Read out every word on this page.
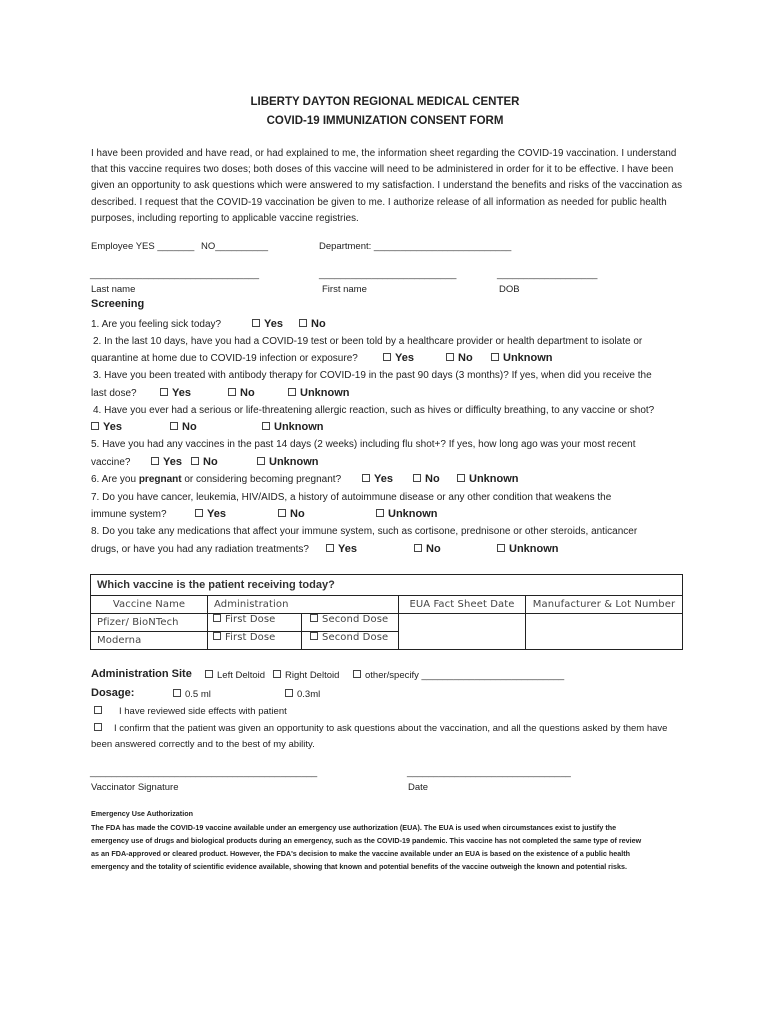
LIBERTY DAYTON REGIONAL MEDICAL CENTER
COVID-19 IMMUNIZATION CONSENT FORM
I have been provided and have read, or had explained to me, the information sheet regarding the COVID-19 vaccination. I understand that this vaccine requires two doses; both doses of this vaccine will need to be administered in order for it to be effective. I have been given an opportunity to ask questions which were answered to my satisfaction. I understand the benefits and risks of the vaccination as described. I request that the COVID-19 vaccination be given to me. I authorize release of all information as needed for public health purposes, including reporting to applicable vaccine registries.
Employee YES _______ NO__________	Department: __________________________
________________________________	__________________________	___________________
Last name	First name	DOB
Screening
1. Are you feeling sick today?	Yes	No
2. In the last 10 days, have you had a COVID-19 test or been told by a healthcare provider or health department to isolate or
quarantine at home due to COVID-19 infection or exposure?	Yes	No	Unknown
3. Have you been treated with antibody therapy for COVID-19 in the past 90 days (3 months)? If yes, when did you receive the
last dose?	Yes	No	Unknown
4. Have you ever had a serious or life-threatening allergic reaction, such as hives or difficulty breathing, to any vaccine or shot?
Yes	No	Unknown
5. Have you had any vaccines in the past 14 days (2 weeks) including flu shot+? If yes, how long ago was your most recent
vaccine?	Yes	No	Unknown
6. Are you pregnant or considering becoming pregnant?	Yes	No	Unknown
7. Do you have cancer, leukemia, HIV/AIDS, a history of autoimmune disease or any other condition that weakens the
immune system?	Yes	No	Unknown
8. Do you take any medications that affect your immune system, such as cortisone, prednisone or other steroids, anticancer
drugs, or have you had any radiation treatments?	Yes	No	Unknown
Which vaccine is the patient receiving today?			
Vaccine Name	Administration	EUA Fact Sheet Date	Manufacturer & Lot Number
Pfizer/ BioNTech	First Dose Second Dose		

Moderna	First Dose Second Dose		
Administration Site	Left Deltoid	Right Deltoid	other/specify ___________________________
Dosage:	0.5 ml	0.3ml
I have reviewed side effects with patient
I confirm that the patient was given an opportunity to ask questions about the vaccination, and all the questions asked by them have
been answered correctly and to the best of my ability.
___________________________________________	_______________________________
Vaccinator Signature	Date
Emergency Use Authorization
The FDA has made the COVID-19 vaccine available under an emergency use authorization (EUA). The EUA is used when circumstances exist to justify the
emergency use of drugs and biological products during an emergency, such as the COVID-19 pandemic. This vaccine has not completed the same type of review
as an FDA-approved or cleared product. However, the FDA's decision to make the vaccine available under an EUA is based on the existence of a public health
emergency and the totality of scientific evidence available, showing that known and potential benefits of the vaccine outweigh the known and potential risks.
